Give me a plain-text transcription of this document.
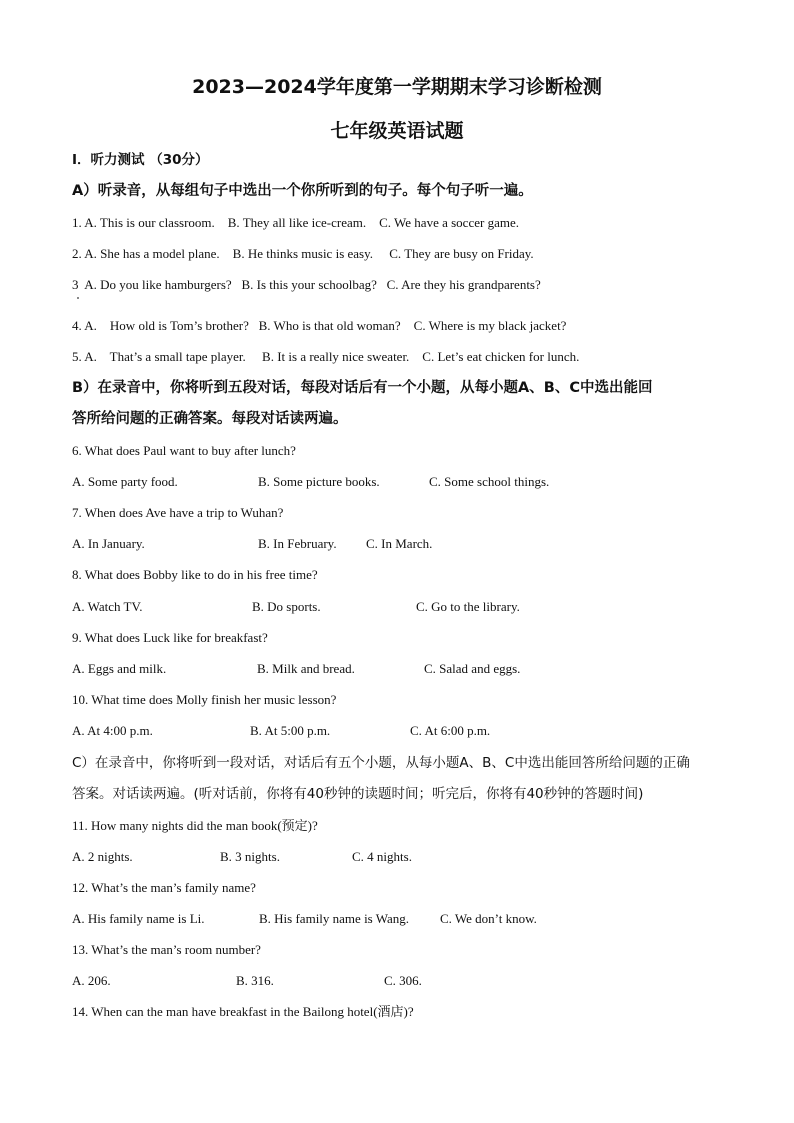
2023—2024学年度第一学期期末学习诊断检测
七年级英语试题
I．听力测试 （30分）
A）听录音，从每组句子中选出一个你所听到的句子。每个句子听一遍。
1. A. This is our classroom.    B. They all like ice-cream.    C. We have a soccer game.
2. A. She has a model plane.    B. He thinks music is easy.     C. They are busy on Friday.
3  A. Do you like hamburgers?   B. Is this your schoolbag?   C. Are they his grandparents?
4. A.    How old is Tom’s brother?   B. Who is that old woman?    C. Where is my black jacket?
5. A.    That’s a small tape player.     B. It is a really nice sweater.    C. Let’s eat chicken for lunch.
B）在录音中，你将听到五段对话，每段对话后有一个小题，从每小题A、B、C中选出能回
答所给问题的正确答案。每段对话读两遍。
6. What does Paul want to buy after lunch?
A. Some party food.	B. Some picture books.	C. Some school things.
7. When does Ave have a trip to Wuhan?
A. In January.	B. In February. C. In March.
8. What does Bobby like to do in his free time?
A. Watch TV.	B. Do sports.	C. Go to the library.
9. What does Luck like for breakfast?
A. Eggs and milk.	B. Milk and bread.	C. Salad and eggs.
10. What time does Molly finish her music lesson?
A. At 4:00 p.m.	B. At 5:00 p.m.	C. At 6:00 p.m.
C）在录音中，你将听到一段对话，对话后有五个小题，从每小题A、B、C中选出能回答所给问题的正确
答案。对话读两遍。(听对话前，你将有40秒钟的读题时间；听完后，你将有40秒钟的答题时间)
11. How many nights did the man book(预定)?
A. 2 nights.	B. 3 nights.	C. 4 nights.
12. What’s the man’s family name?
A. His family name is Li.	B. His family name is Wang. C. We don’t know.
13. What’s the man’s room number?
A. 206.	B. 316.	C. 306.
14. When can the man have breakfast in the Bailong hotel(酒店)?
